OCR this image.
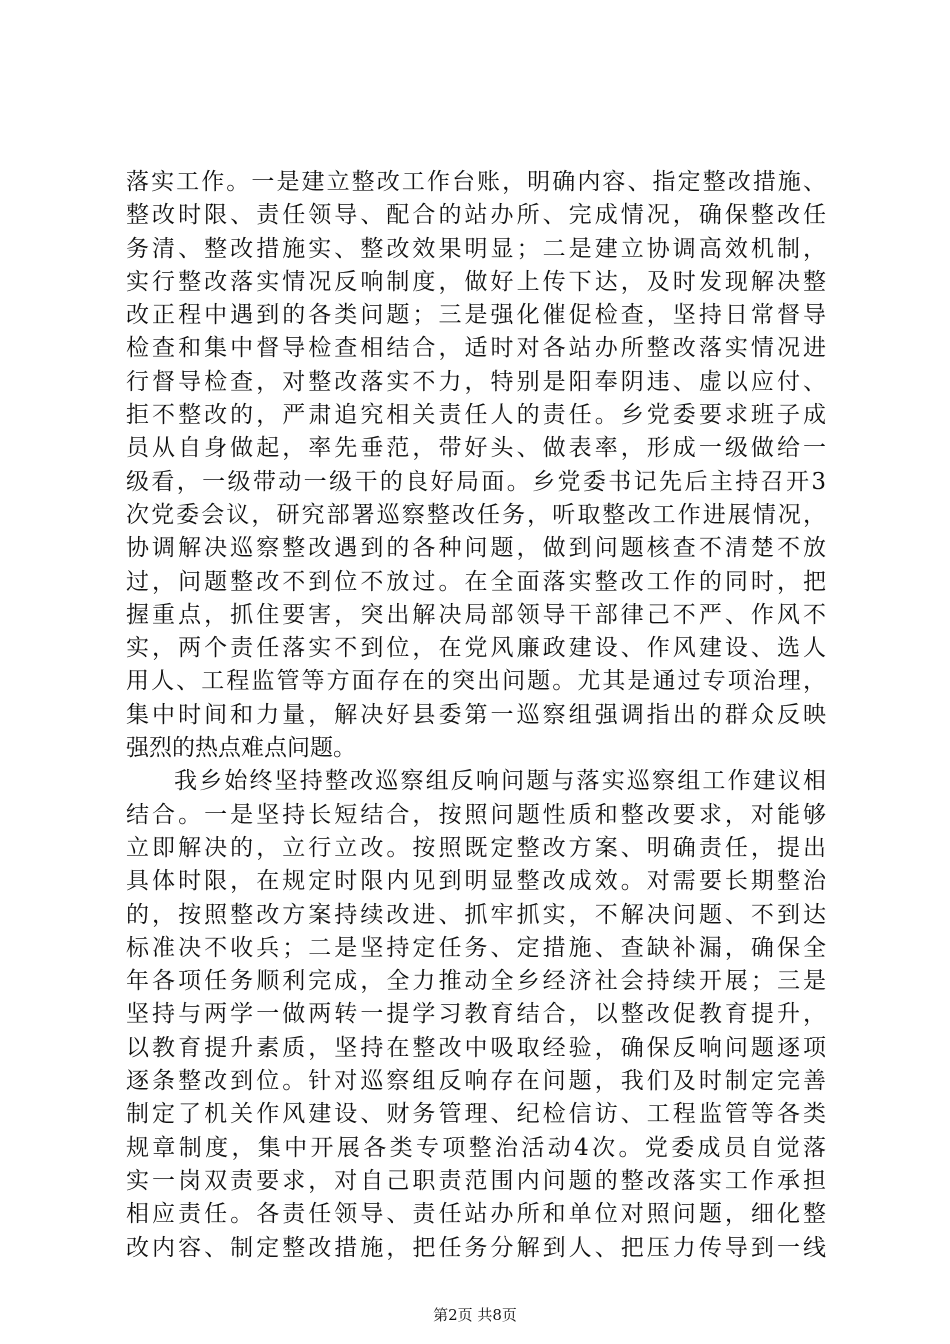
落实工作。一是建立整改工作台账，明确内容、指定整改措施、
整改时限、责任领导、配合的站办所、完成情况，确保整改任
务清、整改措施实、整改效果明显；二是建立协调高效机制，
实行整改落实情况反响制度，做好上传下达，及时发现解决整
改正程中遇到的各类问题；三是强化催促检查，坚持日常督导
检查和集中督导检查相结合，适时对各站办所整改落实情况进
行督导检查，对整改落实不力，特别是阳奉阴违、虚以应付、
拒不整改的，严肃追究相关责任人的责任。乡党委要求班子成
员从自身做起，率先垂范，带好头、做表率，形成一级做给一
级看，一级带动一级干的良好局面。乡党委书记先后主持召开3
次党委会议，研究部署巡察整改任务，听取整改工作进展情况，
协调解决巡察整改遇到的各种问题，做到问题核查不清楚不放
过，问题整改不到位不放过。在全面落实整改工作的同时，把
握重点，抓住要害，突出解决局部领导干部律己不严、作风不
实，两个责任落实不到位，在党风廉政建设、作风建设、选人
用人、工程监管等方面存在的突出问题。尤其是通过专项治理，
集中时间和力量，解决好县委第一巡察组强调指出的群众反映
强烈的热点难点问题。
我乡始终坚持整改巡察组反响问题与落实巡察组工作建议相
结合。一是坚持长短结合，按照问题性质和整改要求，对能够
立即解决的，立行立改。按照既定整改方案、明确责任，提出
具体时限，在规定时限内见到明显整改成效。对需要长期整治
的，按照整改方案持续改进、抓牢抓实，不解决问题、不到达
标准决不收兵；二是坚持定任务、定措施、查缺补漏，确保全
年各项任务顺利完成，全力推动全乡经济社会持续开展；三是
坚持与两学一做两转一提学习教育结合，以整改促教育提升，
以教育提升素质，坚持在整改中吸取经验，确保反响问题逐项
逐条整改到位。针对巡察组反响存在问题，我们及时制定完善
制定了机关作风建设、财务管理、纪检信访、工程监管等各类
规章制度，集中开展各类专项整治活动4次。党委成员自觉落
实一岗双责要求，对自己职责范围内问题的整改落实工作承担
相应责任。各责任领导、责任站办所和单位对照问题，细化整
改内容、制定整改措施，把任务分解到人、把压力传导到一线
第2页 共8页
